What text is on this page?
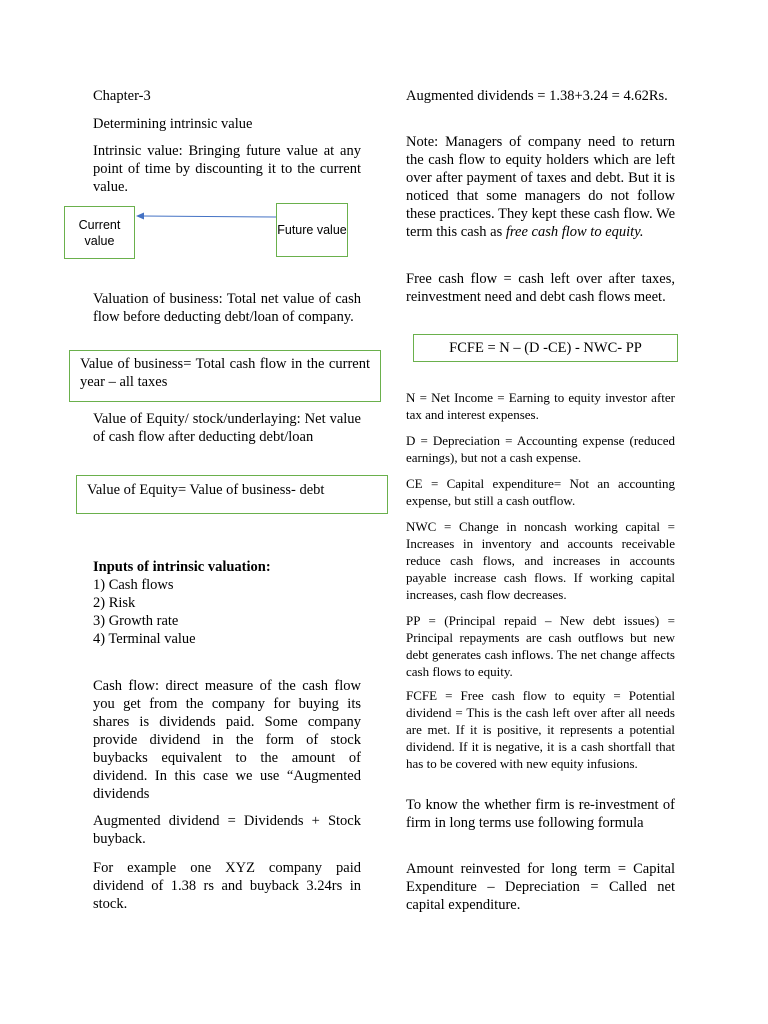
Chapter-3

Determining intrinsic value

Intrinsic value: Bringing future value at any point of time by discounting it to the current value.

Current value
Future value

Valuation of business: Total net value of cash flow before deducting debt/loan of company.

Value of business= Total cash flow in the current year – all taxes

Value of Equity/ stock/underlaying: Net value of cash flow after deducting debt/loan

Value of Equity= Value of business- debt

Inputs of intrinsic valuation:

1) Cash flows

2) Risk

3) Growth rate

4) Terminal value

Cash flow: direct measure of the cash flow you get from the company for buying its shares is dividends paid. Some company provide dividend in the form of stock buybacks equivalent to the amount of dividend. In this case we use “Augmented dividends

Augmented dividend = Dividends + Stock buyback.

For example one XYZ company paid dividend of 1.38 rs and buyback 3.24rs in stock.

Augmented dividends = 1.38+3.24 = 4.62Rs.

Note: Managers of company need to return the cash flow to equity holders which are left over after payment of taxes and debt. But it is noticed that some managers do not follow these practices. They kept these cash flow. We term this cash as free cash flow to equity.

Free cash flow = cash left over after taxes, reinvestment need and debt cash flows meet.

FCFE = N – (D -CE) - NWC- PP

N = Net Income = Earning to equity investor after tax and interest expenses.

D = Depreciation = Accounting expense (reduced earnings), but not a cash expense.

CE = Capital expenditure= Not an accounting expense, but still a cash outflow.

NWC = Change in noncash working capital = Increases in inventory and accounts receivable reduce cash flows, and increases in accounts payable increase cash flows. If working capital increases, cash flow decreases.

PP = (Principal repaid – New debt issues) = Principal repayments are cash outflows but new debt generates cash inflows. The net change affects cash flows to equity.

FCFE = Free cash flow to equity = Potential dividend = This is the cash left over after all needs are met. If it is positive, it represents a potential dividend. If it is negative, it is a cash shortfall that has to be covered with new equity infusions.

To know the whether firm is re-investment of firm in long terms use following formula

Amount reinvested for long term = Capital Expenditure – Depreciation = Called net capital expenditure.
